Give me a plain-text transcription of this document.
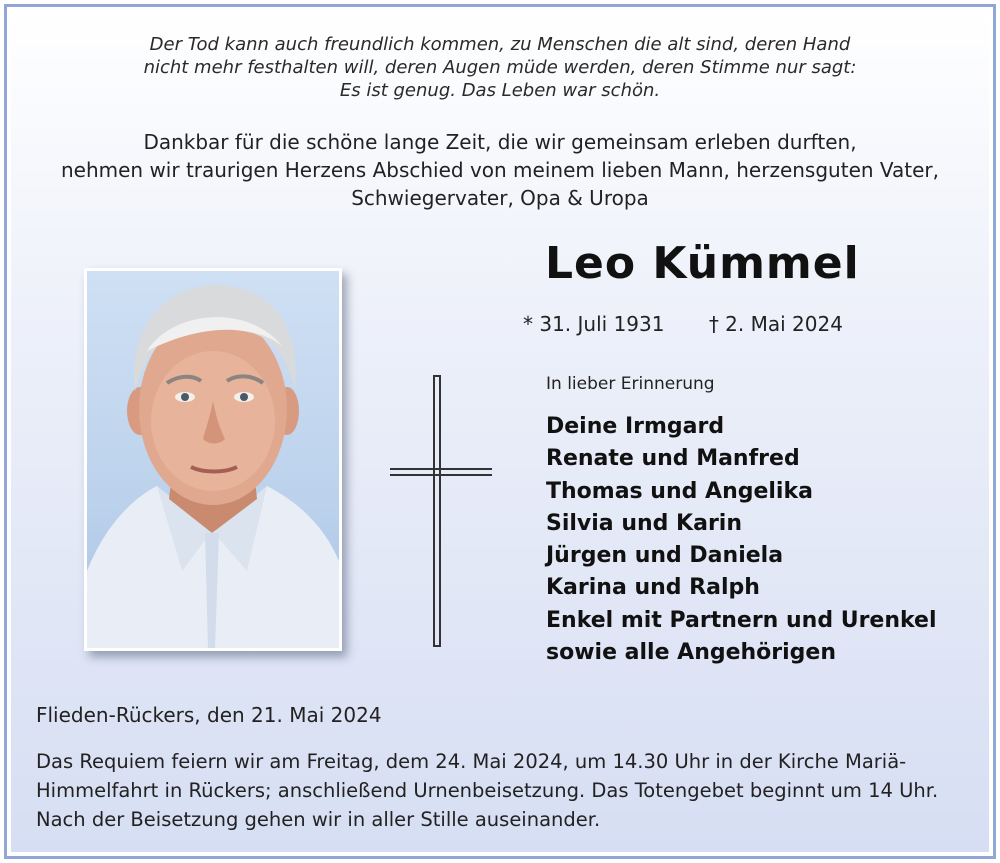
Der Tod kann auch freundlich kommen, zu Menschen die alt sind, deren Hand
nicht mehr festhalten will, deren Augen müde werden, deren Stimme nur sagt:
Es ist genug. Das Leben war schön.
Dankbar für die schöne lange Zeit, die wir gemeinsam erleben durften,
nehmen wir traurigen Herzens Abschied von meinem lieben Mann, herzensguten Vater,
Schwiegervater, Opa & Uropa
Leo Kümmel
* 31. Juli 1931 † 2. Mai 2024
In lieber Erinnerung
Deine Irmgard
Renate und Manfred
Thomas und Angelika
Silvia und Karin
Jürgen und Daniela
Karina und Ralph
Enkel mit Partnern und Urenkel
sowie alle Angehörigen
Flieden-Rückers, den 21. Mai 2024
Das Requiem feiern wir am Freitag, dem 24. Mai 2024, um 14.30 Uhr in der Kirche Mariä-
Himmelfahrt in Rückers; anschließend Urnenbeisetzung. Das Totengebet beginnt um 14 Uhr.
Nach der Beisetzung gehen wir in aller Stille auseinander.
